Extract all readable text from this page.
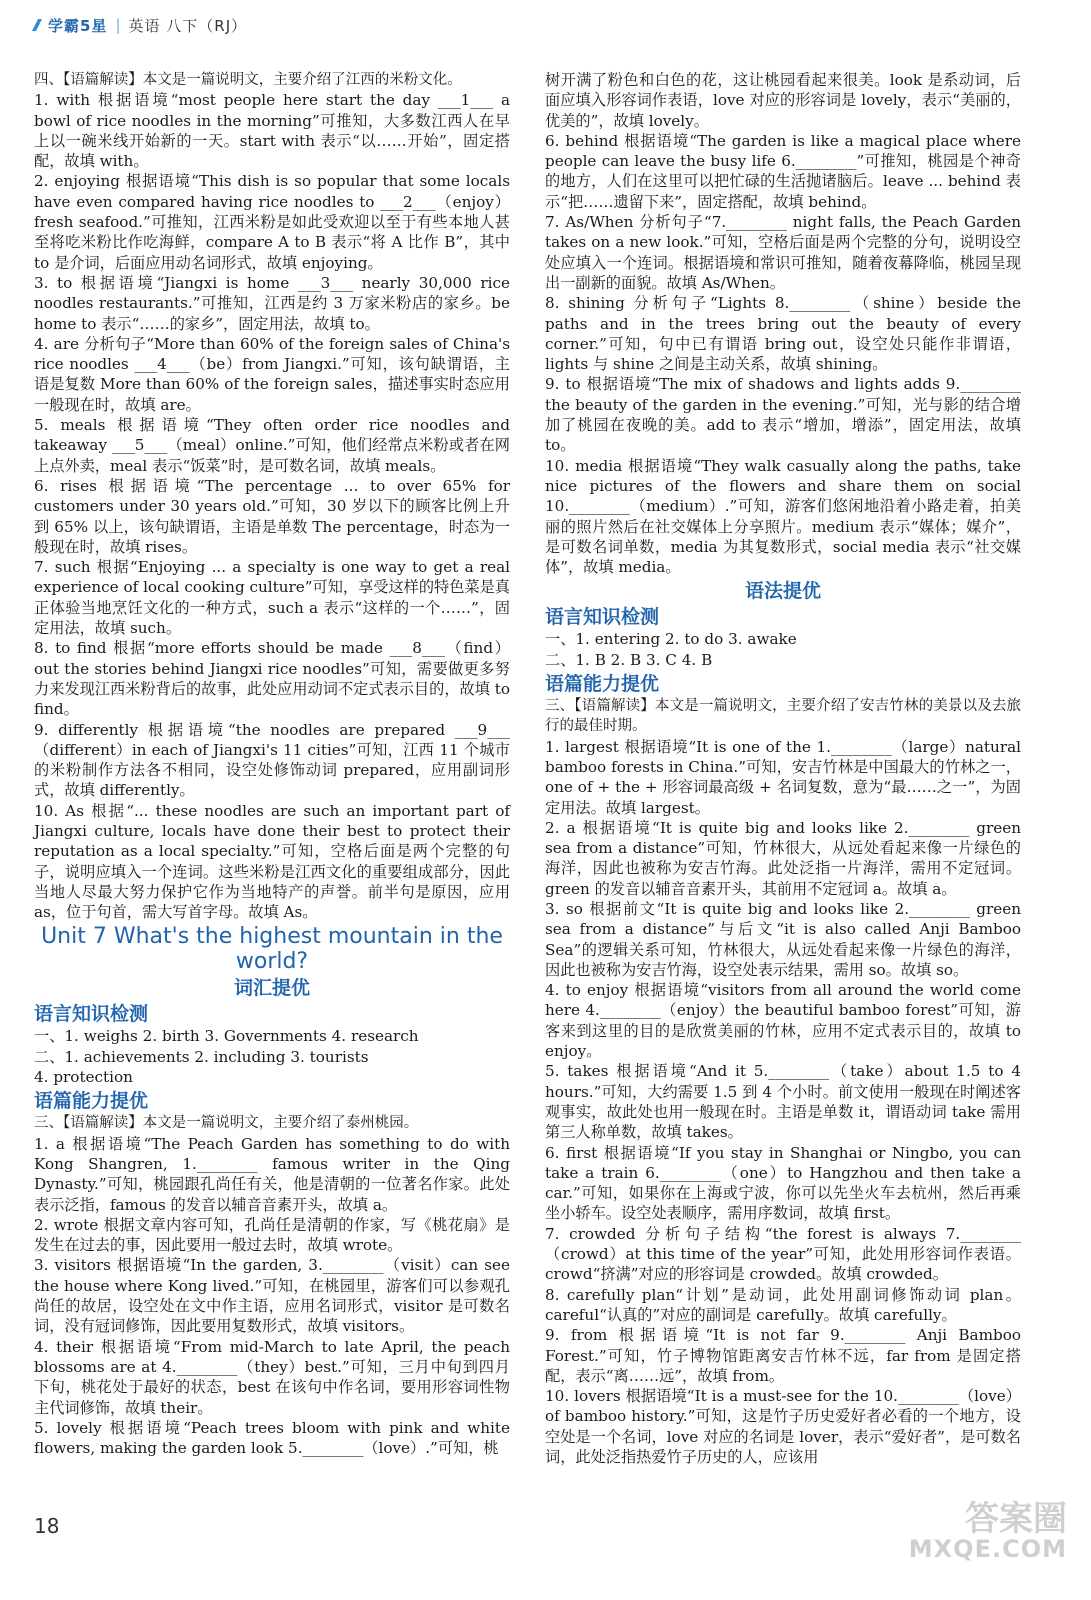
学霸5星 | 英语 八下（RJ）

四、【语篇解读】本文是一篇说明文，主要介绍了江西的米粉文化。

1. with 根据语境“most people here start the day ___1___ a bowl of rice noodles in the morning”可推知，大多数江西人在早上以一碗米线开始新的一天。start with 表示“以……开始”，固定搭配，故填 with。

2. enjoying 根据语境“This dish is so popular that some locals have even compared having rice noodles to ___2___（enjoy）fresh seafood.”可推知，江西米粉是如此受欢迎以至于有些本地人甚至将吃米粉比作吃海鲜，compare A to B 表示“将 A 比作 B”，其中 to 是介词，后面应用动名词形式，故填 enjoying。

3. to 根据语境“Jiangxi is home ___3___ nearly 30,000 rice noodles restaurants.”可推知，江西是约 3 万家米粉店的家乡。be home to 表示“……的家乡”，固定用法，故填 to。

4. are 分析句子“More than 60% of the foreign sales of China's rice noodles ___4___（be）from Jiangxi.”可知，该句缺谓语，主语是复数 More than 60% of the foreign sales，描述事实时态应用一般现在时，故填 are。

5. meals 根据语境“They often order rice noodles and takeaway ___5___（meal）online.”可知，他们经常点米粉或者在网上点外卖，meal 表示“饭菜”时，是可数名词，故填 meals。

6. rises 根据语境“The percentage ... to over 65% for customers under 30 years old.”可知，30 岁以下的顾客比例上升到 65% 以上，该句缺谓语，主语是单数 The percentage，时态为一般现在时，故填 rises。

7. such 根据“Enjoying ... a specialty is one way to get a real experience of local cooking culture”可知，享受这样的特色菜是真正体验当地烹饪文化的一种方式，such a 表示“这样的一个……”，固定用法，故填 such。

8. to find 根据“more efforts should be made ___8___（find）out the stories behind Jiangxi rice noodles”可知，需要做更多努力来发现江西米粉背后的故事，此处应用动词不定式表示目的，故填 to find。

9. differently 根据语境“the noodles are prepared ___9___（different）in each of Jiangxi's 11 cities”可知，江西 11 个城市的米粉制作方法各不相同，设空处修饰动词 prepared，应用副词形式，故填 differently。

10. As 根据“... these noodles are such an important part of Jiangxi culture, locals have done their best to protect their reputation as a local specialty.”可知，空格后面是两个完整的句子，说明应填入一个连词。这些米粉是江西文化的重要组成部分，因此当地人尽最大努力保护它作为当地特产的声誉。前半句是原因，应用 as，位于句首，需大写首字母。故填 As。

Unit 7 What's the highest mountain in the world?
词汇提优
语言知识检测

一、1. weighs 2. birth 3. Governments 4. research

二、1. achievements 2. including 3. tourists

4. protection

语篇能力提优

三、【语篇解读】本文是一篇说明文，主要介绍了泰州桃园。

1. a 根据语境“The Peach Garden has something to do with Kong Shangren, 1.________ famous writer in the Qing Dynasty.”可知，桃园跟孔尚任有关，他是清朝的一位著名作家。此处表示泛指，famous 的发音以辅音音素开头，故填 a。

2. wrote 根据文章内容可知，孔尚任是清朝的作家，写《桃花扇》是发生在过去的事，因此要用一般过去时，故填 wrote。

3. visitors 根据语境“In the garden, 3.________（visit）can see the house where Kong lived.”可知，在桃园里，游客们可以参观孔尚任的故居，设空处在文中作主语，应用名词形式，visitor 是可数名词，没有冠词修饰，因此要用复数形式，故填 visitors。

4. their 根据语境“From mid-March to late April, the peach blossoms are at 4.________（they）best.”可知，三月中旬到四月下旬，桃花处于最好的状态，best 在该句中作名词，要用形容词性物主代词修饰，故填 their。

5. lovely 根据语境“Peach trees bloom with pink and white flowers, making the garden look 5.________（love）.”可知，桃

树开满了粉色和白色的花，这让桃园看起来很美。look 是系动词，后面应填入形容词作表语，love 对应的形容词是 lovely，表示“美丽的，优美的”，故填 lovely。

6. behind 根据语境“The garden is like a magical place where people can leave the busy life 6.________”可推知，桃园是个神奇的地方，人们在这里可以把忙碌的生活抛诸脑后。leave ... behind 表示“把……遗留下来”，固定搭配，故填 behind。

7. As/When 分析句子“7.________ night falls, the Peach Garden takes on a new look.”可知，空格后面是两个完整的分句，说明设空处应填入一个连词。根据语境和常识可推知，随着夜幕降临，桃园呈现出一副新的面貌。故填 As/When。

8. shining 分析句子“Lights 8.________（shine）beside the paths and in the trees bring out the beauty of every corner.”可知，句中已有谓语 bring out，设空处只能作非谓语，lights 与 shine 之间是主动关系，故填 shining。

9. to 根据语境“The mix of shadows and lights adds 9.________ the beauty of the garden in the evening.”可知，光与影的结合增加了桃园在夜晚的美。add to 表示“增加，增添”，固定用法，故填 to。

10. media 根据语境“They walk casually along the paths, take nice pictures of the flowers and share them on social 10.________（medium）.”可知，游客们悠闲地沿着小路走着，拍美丽的照片然后在社交媒体上分享照片。medium 表示“媒体；媒介”，是可数名词单数，media 为其复数形式，social media 表示“社交媒体”，故填 media。

语法提优
语言知识检测

一、1. entering 2. to do 3. awake

二、1. B 2. B 3. C 4. B

语篇能力提优

三、【语篇解读】本文是一篇说明文，主要介绍了安吉竹林的美景以及去旅行的最佳时期。

1. largest 根据语境“It is one of the 1.________（large）natural bamboo forests in China.”可知，安吉竹林是中国最大的竹林之一，one of + the + 形容词最高级 + 名词复数，意为“最……之一”，为固定用法。故填 largest。

2. a 根据语境“It is quite big and looks like 2.________ green sea from a distance”可知，竹林很大，从远处看起来像一片绿色的海洋，因此也被称为安吉竹海。此处泛指一片海洋，需用不定冠词。green 的发音以辅音音素开头，其前用不定冠词 a。故填 a。

3. so 根据前文“It is quite big and looks like 2.________ green sea from a distance”与后文“it is also called Anji Bamboo Sea”的逻辑关系可知，竹林很大，从远处看起来像一片绿色的海洋，因此也被称为安吉竹海，设空处表示结果，需用 so。故填 so。

4. to enjoy 根据语境“visitors from all around the world come here 4.________（enjoy）the beautiful bamboo forest”可知，游客来到这里的目的是欣赏美丽的竹林，应用不定式表示目的，故填 to enjoy。

5. takes 根据语境“And it 5.________（take）about 1.5 to 4 hours.”可知，大约需要 1.5 到 4 个小时。前文使用一般现在时阐述客观事实，故此处也用一般现在时。主语是单数 it，谓语动词 take 需用第三人称单数，故填 takes。

6. first 根据语境“If you stay in Shanghai or Ningbo, you can take a train 6.________（one）to Hangzhou and then take a car.”可知，如果你在上海或宁波，你可以先坐火车去杭州，然后再乘坐小轿车。设空处表顺序，需用序数词，故填 first。

7. crowded 分析句子结构“the forest is always 7.________（crowd）at this time of the year”可知，此处用形容词作表语。crowd“挤满”对应的形容词是 crowded。故填 crowded。

8. carefully plan“计划”是动词，此处用副词修饰动词 plan。careful“认真的”对应的副词是 carefully。故填 carefully。

9. from 根据语境“It is not far 9.________ Anji Bamboo Forest.”可知，竹子博物馆距离安吉竹林不远，far from 是固定搭配，表示“离……远”，故填 from。

10. lovers 根据语境“It is a must-see for the 10.________（love）of bamboo history.”可知，这是竹子历史爱好者必看的一个地方，设空处是一个名词，love 对应的名词是 lover，表示“爱好者”，是可数名词，此处泛指热爱竹子历史的人，应该用

18	答案圈
MXQE.COM
